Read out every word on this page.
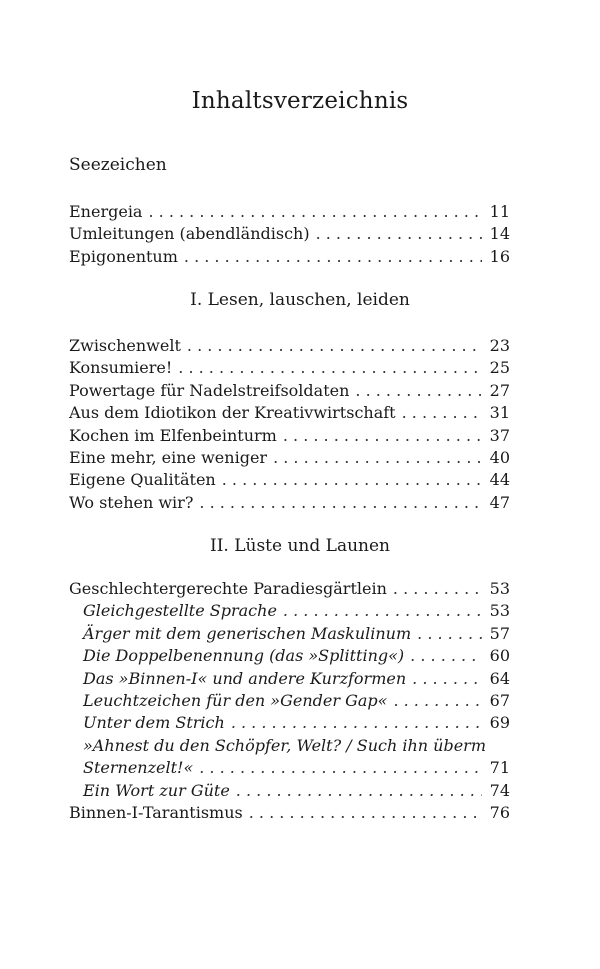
Inhaltsverzeichnis
Seezeichen
Energeia . . .	11
Umleitungen (abendländisch) . . .	14
Epigonentum . . .	16
I. Lesen, lauschen, leiden
Zwischenwelt . . .	23
Konsumiere! . . .	25
Powertage für Nadelstreifsoldaten . . .	27
Aus dem Idiotikon der Kreativwirtschaft . . .	31
Kochen im Elfenbeinturm . . .	37
Eine mehr, eine weniger . . .	40
Eigene Qualitäten . . .	44
Wo stehen wir? . . .	47
II. Lüste und Launen
Geschlechtergerechte Paradiesgärtlein . . .	53
Gleichgestellte Sprache . . .	53
Ärger mit dem generischen Maskulinum . . .	57
Die Doppelbenennung (das »Splitting«) . . .	60
Das »Binnen-I« und andere Kurzformen . . .	64
Leuchtzeichen für den »Gender Gap« . . .	67
Unter dem Strich . . .	69
»Ahnest du den Schöpfer, Welt? / Such ihn überm
Sternenzelt!« . . .	71
Ein Wort zur Güte . . .	74
Binnen-I-Tarantismus . . .	76
